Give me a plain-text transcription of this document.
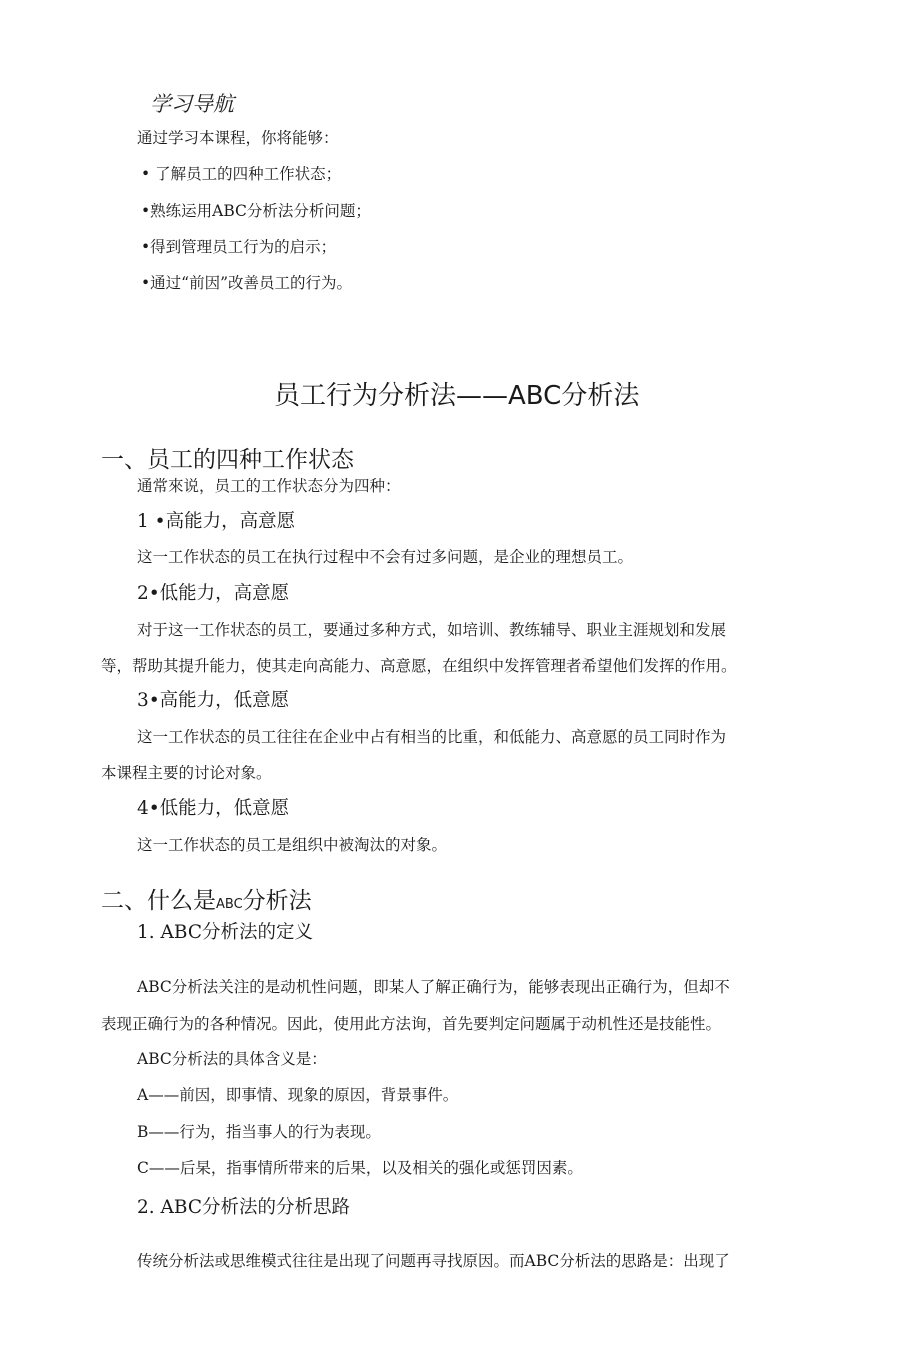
学习导航

通过学习本课程，你将能够：

• 了解员工的四种工作状态；

•熟练运用ABC分析法分析问题；

•得到管理员工行为的启示；

•通过“前因”改善员工的行为。

员工行为分析法——ABC分析法

一、员工的四种工作状态

通常來说，员工的工作状态分为四种：

1 •高能力，高意愿

这一工作状态的员工在执行过程中不会有过多问题，是企业的理想员工。

2•低能力，高意愿

对于这一工作状态的员工，要通过多种方式，如培训、教练辅导、职业主涯规划和发展

等，帮助其提升能力，使其走向高能力、高意愿，在组织中发挥管理者希望他们发挥的作用。

3•高能力，低意愿

这一工作状态的员工往往在企业中占有相当的比重，和低能力、高意愿的员工同时作为

本课程主要的讨论对象。

4•低能力，低意愿

这一工作状态的员工是组织中被淘汰的对象。

二、什么是ABC分析法

1. ABC分析法的定义

ABC分析法关注的是动机性问题，即某人了解正确行为，能够表现出正确行为，但却不

表现正确行为的各种情况。因此，使用此方法询，首先要判定问题属于动机性还是技能性。

ABC分析法的具体含义是：

A——前因，即事情、现象的原因，背景事件。

B——行为，指当事人的行为表现。

C——后杲，指事情所带来的后果，以及相关的强化或惩罚因素。

2. ABC分析法的分析思路

传统分析法或思维模式往往是出现了问题再寻找原因。而ABC分析法的思路是：出现了
